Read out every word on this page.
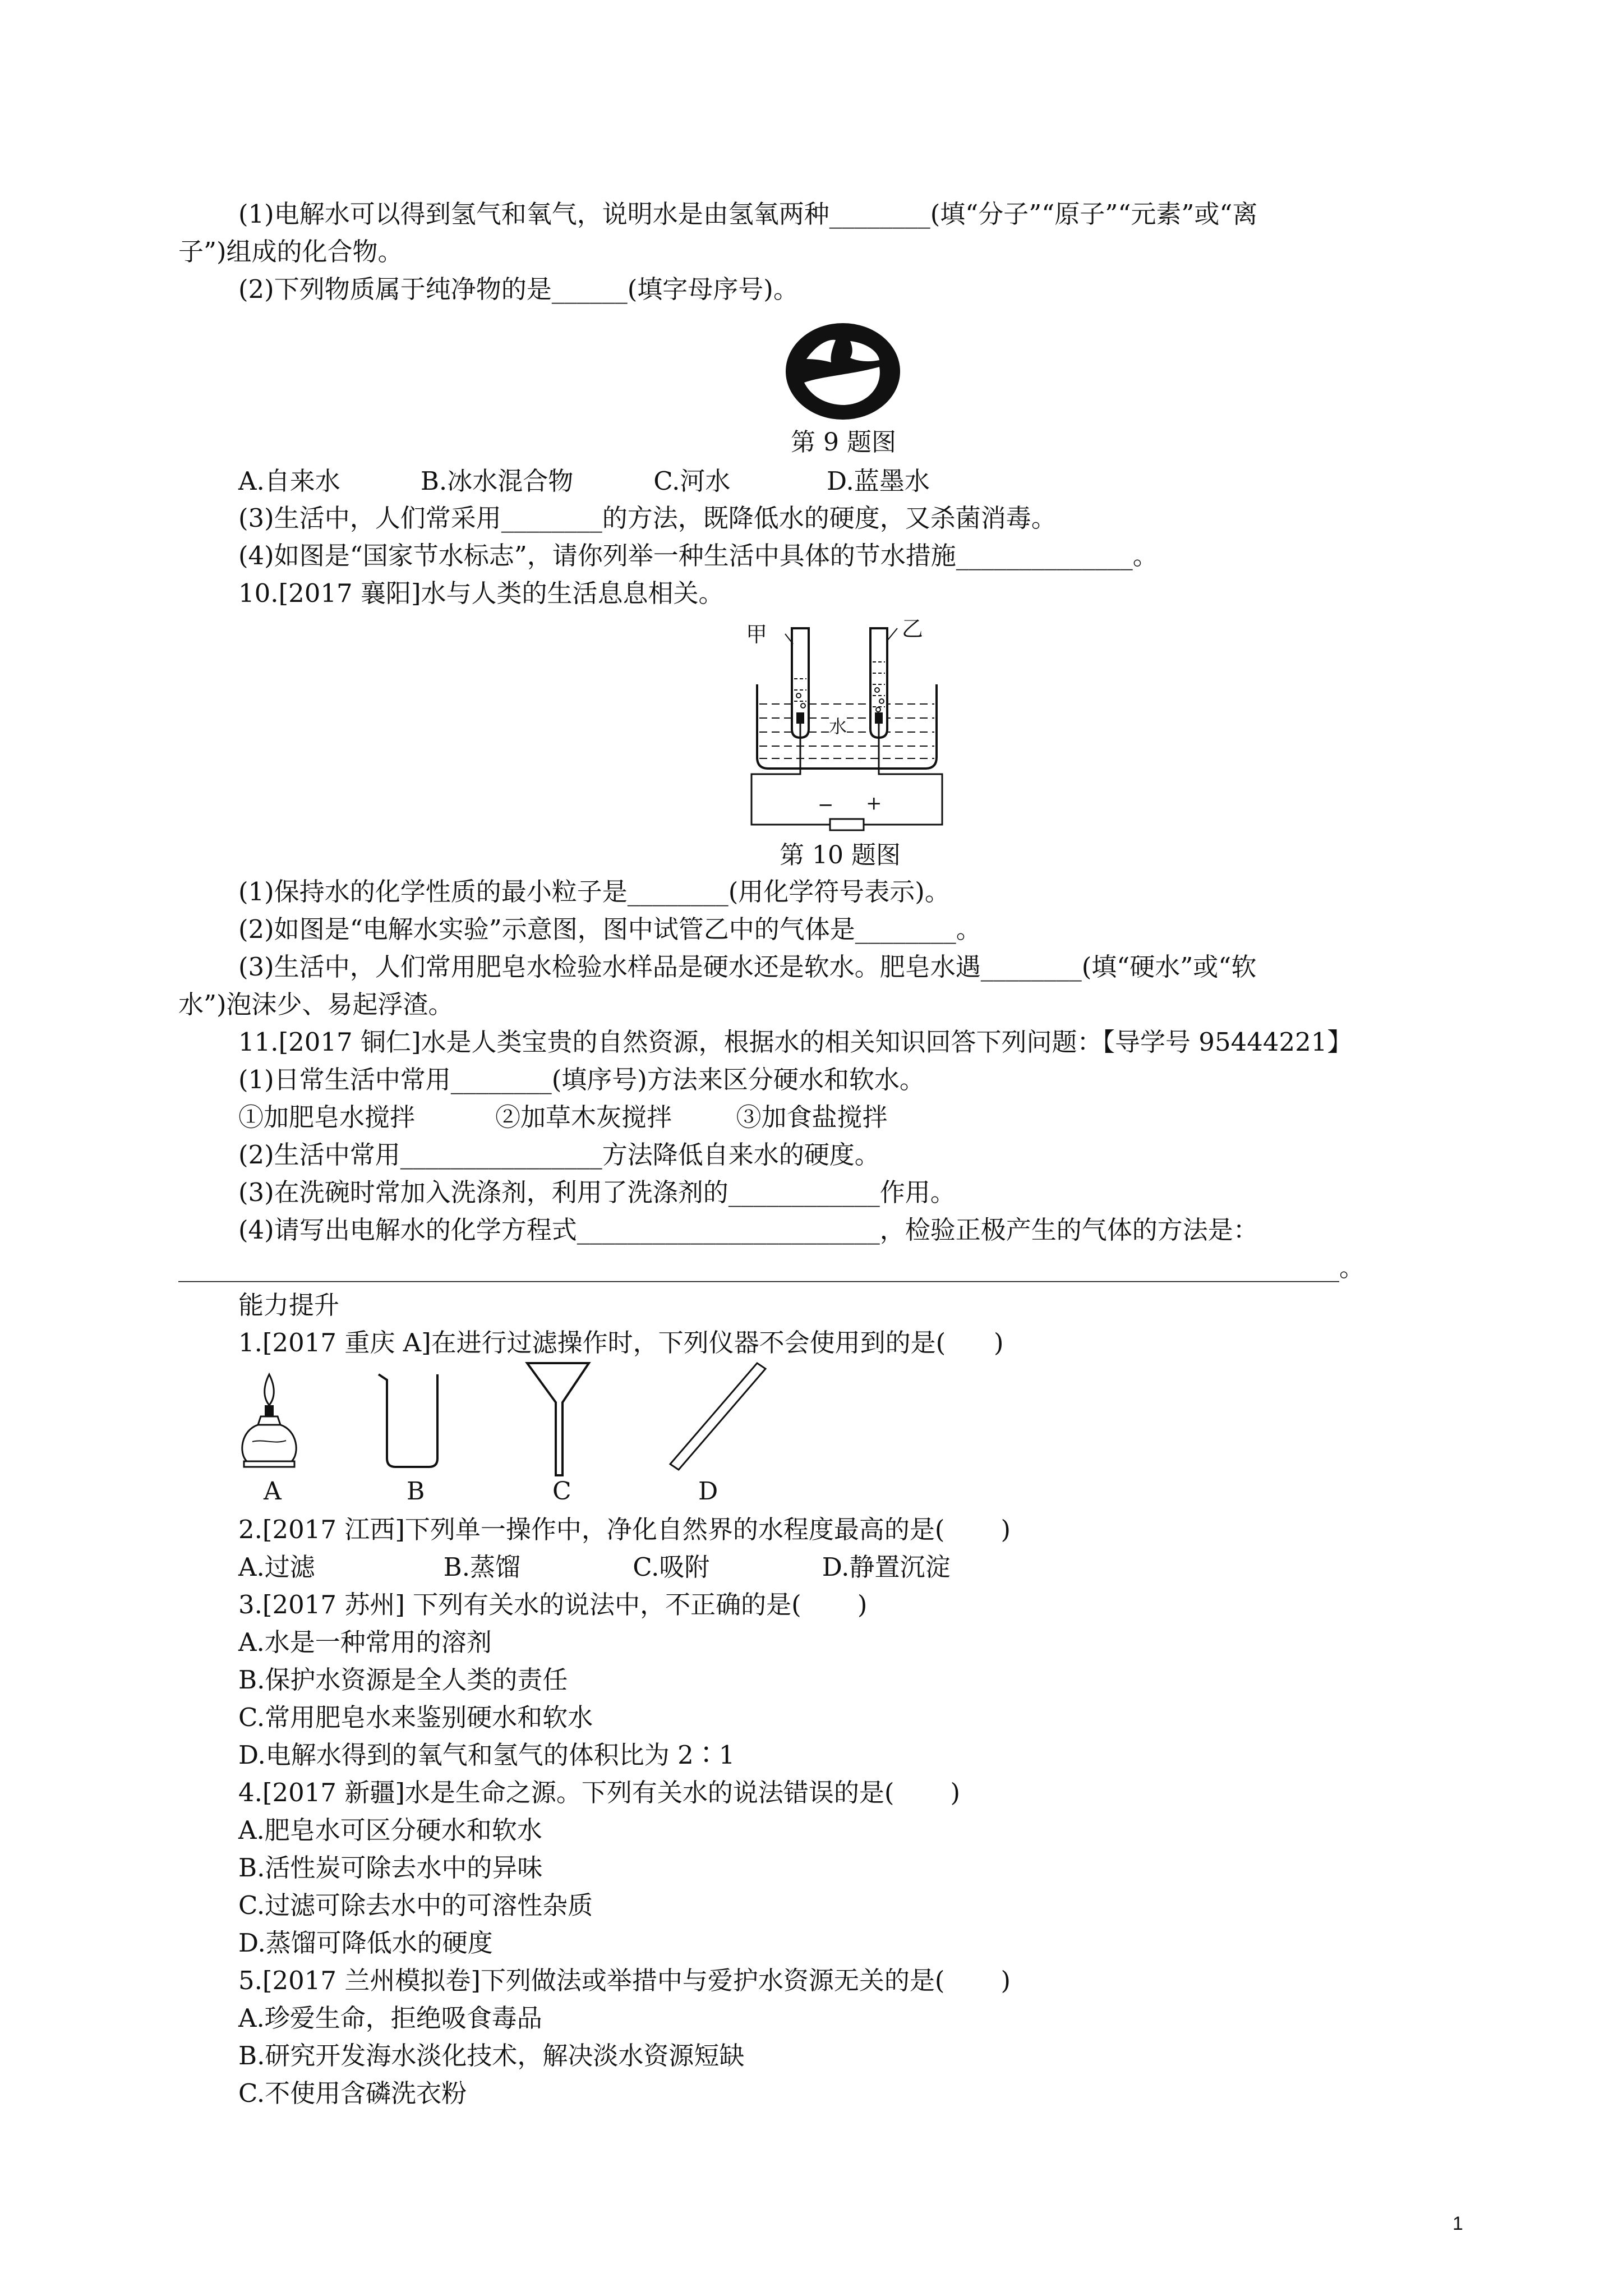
(1)电解水可以得到氢气和氧气，说明水是由氢氧两种________(填“分子”“原子”“元素”或“离
子”)组成的化合物。
(2)下列物质属于纯净物的是______(填字母序号)。
第 9 题图
A.自来水          B.冰水混合物          C.河水            D.蓝墨水
(3)生活中，人们常采用________的方法，既降低水的硬度，又杀菌消毒。
(4)如图是“国家节水标志”，请你列举一种生活中具体的节水措施______________。
10.[2017 襄阳]水与人类的生活息息相关。
甲	乙
水
− +
第 10 题图
(1)保持水的化学性质的最小粒子是________(用化学符号表示)。
(2)如图是“电解水实验”示意图，图中试管乙中的气体是________。
(3)生活中，人们常用肥皂水检验水样品是硬水还是软水。肥皂水遇________(填“硬水”或“软
水”)泡沫少、易起浮渣。
11.[2017 铜仁]水是人类宝贵的自然资源，根据水的相关知识回答下列问题：【导学号 95444221】
(1)日常生活中常用________(填序号)方法来区分硬水和软水。
①加肥皂水搅拌          ②加草木灰搅拌        ③加食盐搅拌
(2)生活中常用________________方法降低自来水的硬度。
(3)在洗碗时常加入洗涤剂，利用了洗涤剂的____________作用。
(4)请写出电解水的化学方程式________________________，检验正极产生的气体的方法是：
____________________________________________________________________________________________。
能力提升
1.[2017 重庆 A]在进行过滤操作时，下列仪器不会使用到的是(      )
A	B	C	D
2.[2017 江西]下列单一操作中，净化自然界的水程度最高的是(       )
A.过滤                B.蒸馏              C.吸附              D.静置沉淀
3.[2017 苏州] 下列有关水的说法中，不正确的是(       )
A.水是一种常用的溶剂
B.保护水资源是全人类的责任
C.常用肥皂水来鉴别硬水和软水
D.电解水得到的氧气和氢气的体积比为 2∶1
4.[2017 新疆]水是生命之源。下列有关水的说法错误的是(       )
A.肥皂水可区分硬水和软水
B.活性炭可除去水中的异味
C.过滤可除去水中的可溶性杂质
D.蒸馏可降低水的硬度
5.[2017 兰州模拟卷]下列做法或举措中与爱护水资源无关的是(       )
A.珍爱生命，拒绝吸食毒品
B.研究开发海水淡化技术，解决淡水资源短缺
C.不使用含磷洗衣粉
1
